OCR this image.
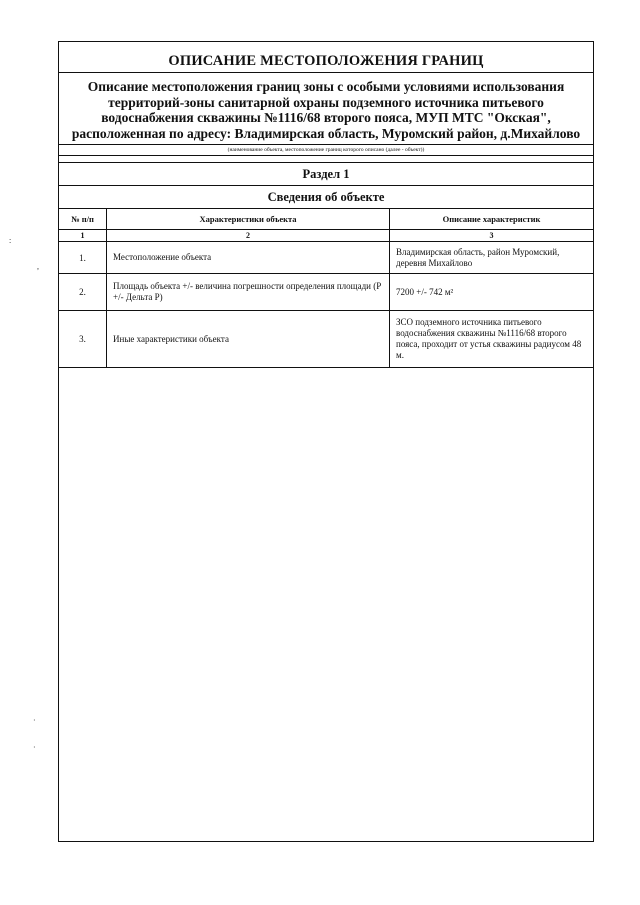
:
,
·
·
ОПИСАНИЕ МЕСТОПОЛОЖЕНИЯ ГРАНИЦ
Описание местоположения границ зоны с особыми условиями использования территорий-зоны санитарной охраны подземного источника питьевого водоснабжения скважины №1116/68 второго пояса, МУП МТС "Окская", расположенная по адресу: Владимирская область, Муромский район, д.Михайлово
(наименование объекта, местоположение границ которого описано (далее - объект))
Раздел 1
Сведения об объекте
№ п/п	Характеристики объекта	Описание характеристик
1	2	3
1.	Местоположение объекта	Владимирская область, район Муромский, деревня Михайлово
2.	Площадь объекта +/- величина погрешности определения площади (Р +/- Дельта Р)	7200 +/- 742 м²
3.	Иные характеристики объекта	ЗСО подземного источника питьевого водоснабжения скважины №1116/68 второго пояса, проходит от устья скважины радиусом 48 м.
